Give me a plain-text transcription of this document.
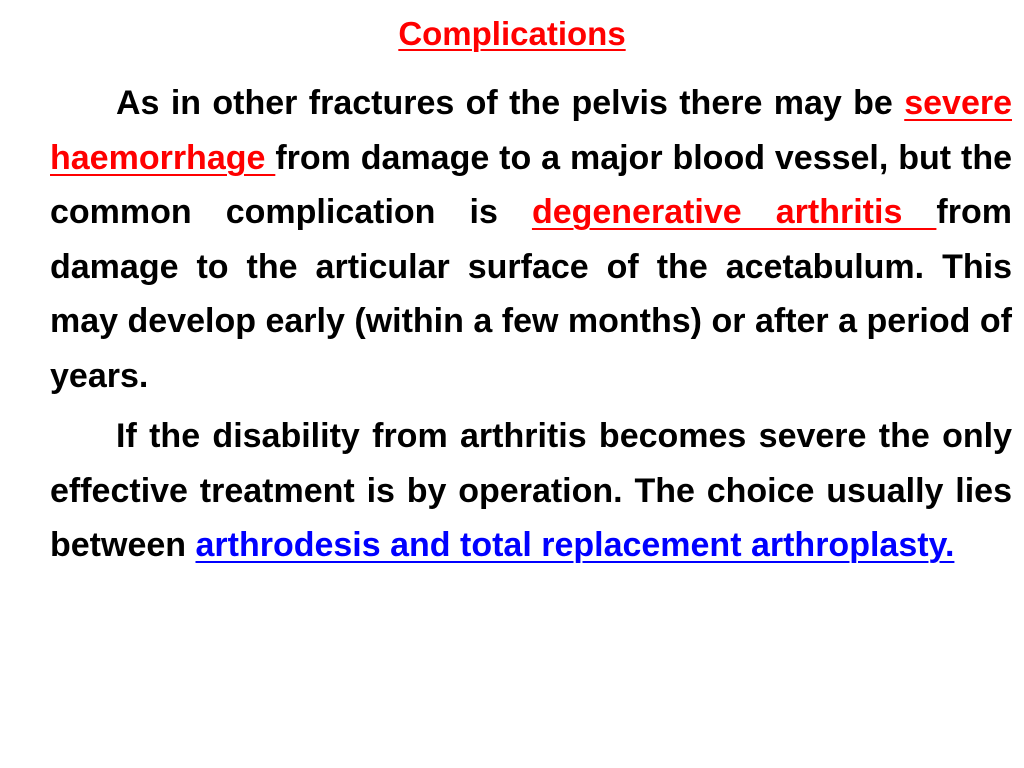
Complications

As in other fractures of the pelvis there may be severe haemorrhage from damage to a major blood vessel, but the common complication is degenerative arthritis from damage to the articular surface of the acetabulum. This may develop early (within a few months) or after a period of years.

If the disability from arthritis becomes severe the only effective treatment is by operation. The choice usually lies between arthrodesis and total replacement arthroplasty.
